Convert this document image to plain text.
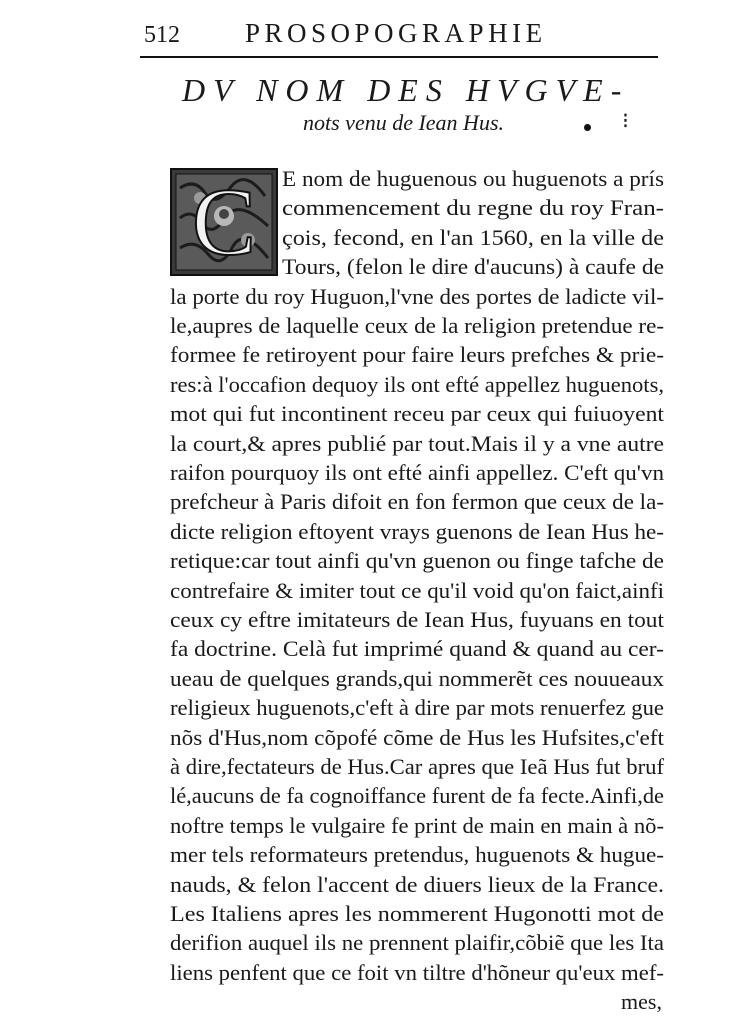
512 PROSOPOGRAPHIE
DV NOM DES HVGVE-
nots venu de Iean Hus.	⁝
C E nom de huguenous ou huguenots a prís
commencement du regne du roy Fran-
çois, fecond, en l'an 1560, en la ville de
Tours, (felon le dire d'aucuns) à caufe de
la porte du roy Huguon,l'vne des portes de ladicte vil-
le,aupres de laquelle ceux de la religion pretendue re-
formee fe retiroyent pour faire leurs prefches & prie-
res:à l'occafion dequoy ils ont efté appellez huguenots,
mot qui fut incontinent receu par ceux qui fuiuoyent
la court,& apres publié par tout.Mais il y a vne autre
raifon pourquoy ils ont efté ainfi appellez. C'eft qu'vn
prefcheur à Paris difoit en fon fermon que ceux de la-
dicte religion eftoyent vrays guenons de Iean Hus he-
retique:car tout ainfi qu'vn guenon ou finge tafche de
contrefaire & imiter tout ce qu'il void qu'on faict,ainfi
ceux cy eftre imitateurs de Iean Hus, fuyuans en tout
fa doctrine. Celà fut imprimé quand & quand au cer-
ueau de quelques grands,qui nommerẽt ces nouueaux
religieux huguenots,c'eft à dire par mots renuerfez gue
nõs d'Hus,nom cõpofé cõme de Hus les Hufsites,c'eft
à dire,fectateurs de Hus.Car apres que Ieã Hus fut bruf
lé,aucuns de fa cognoiffance furent de fa fecte.Ainfi,de
noftre temps le vulgaire fe print de main en main à nõ-
mer tels reformateurs pretendus, huguenots & hugue-
nauds, & felon l'accent de diuers lieux de la France.
Les Italiens apres les nommerent Hugonotti mot de
derifion auquel ils ne prennent plaifir,cõbiẽ que les Ita
liens penfent que ce foit vn tiltre d'hõneur qu'eux mef-
mes,
